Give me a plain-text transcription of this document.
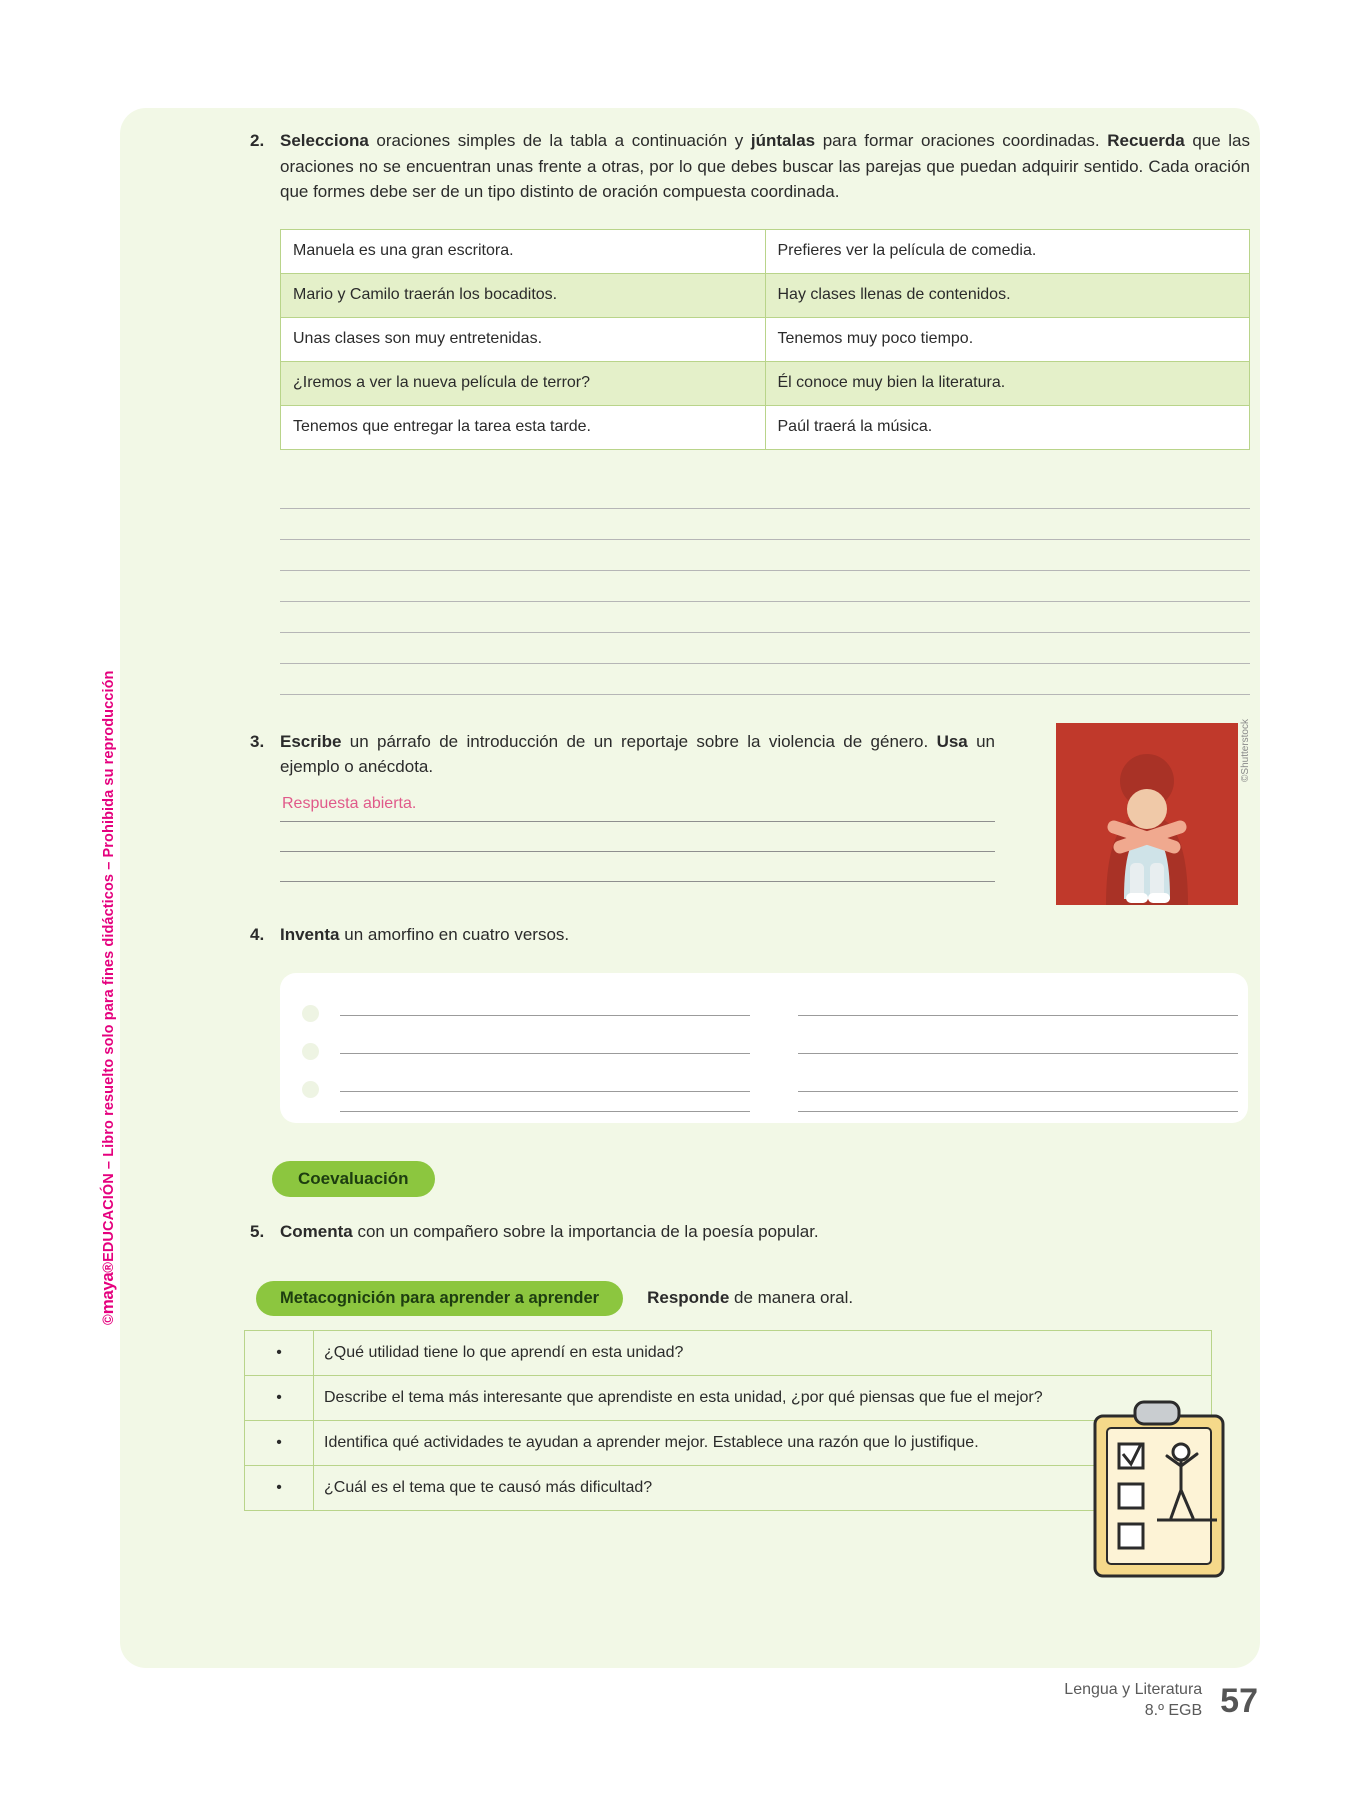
©maya®EDUCACIÓN – Libro resuelto solo para fines didácticos – Prohibida su reproducción
2. Selecciona oraciones simples de la tabla a continuación y júntalas para formar oraciones coordinadas. Recuerda que las oraciones no se encuentran unas frente a otras, por lo que debes buscar las parejas que puedan adquirir sentido. Cada oración que formes debe ser de un tipo distinto de oración compuesta coordinada.
Manuela es una gran escritora.	Prefieres ver la película de comedia.
Mario y Camilo traerán los bocaditos.	Hay clases llenas de contenidos.
Unas clases son muy entretenidas.	Tenemos muy poco tiempo.
¿Iremos a ver la nueva película de terror?	Él conoce muy bien la literatura.
Tenemos que entregar la tarea esta tarde.	Paúl traerá la música.
3. Escribe un párrafo de introducción de un reportaje sobre la violencia de género. Usa un ejemplo o anécdota.
Respuesta abierta.
©Shutterstock
4. Inventa un amorfino en cuatro versos.
Coevaluación
5. Comenta con un compañero sobre la importancia de la poesía popular.
Metacognición para aprender a aprender	Responde de manera oral.
•	¿Qué utilidad tiene lo que aprendí en esta unidad?
•	Describe el tema más interesante que aprendiste en esta unidad, ¿por qué piensas que fue el mejor?
•	Identifica qué actividades te ayudan a aprender mejor. Establece una razón que lo justifique.
•	¿Cuál es el tema que te causó más dificultad?
Lengua y Literatura
8.º EGB 57
